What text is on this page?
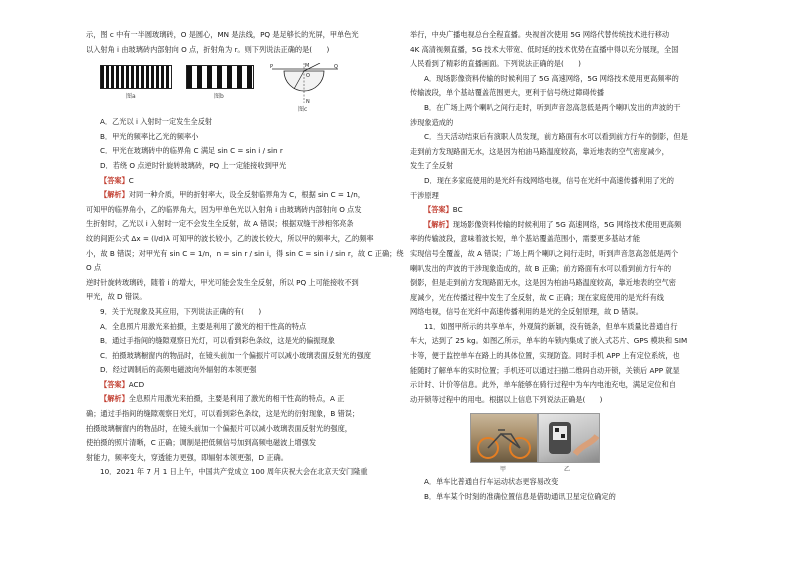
示，图 c 中有一半圆玻璃砖，O 是圆心，MN 是法线，PQ 是足够长的光屏，甲单色光

以入射角 i 由玻璃砖内部射向 O 点，折射角为 r。则下列说法正确的是(　　)

图a	图b
M
O
P	Q
N
图c

A．乙光以 i 入射时一定发生全反射

B．甲光的频率比乙光的频率小

C．甲光在玻璃砖中的临界角 C 满足 sin C = sin i / sin r

D．若绕 O 点逆时针旋转玻璃砖，PQ 上一定能接收到甲光

【答案】C

【解析】对同一种介质，甲的折射率大，设全反射临界角为 C，根据 sin C = 1/n，

可知甲的临界角小，乙的临界角大，因为甲单色光以入射角 i 由玻璃砖内部射向 O 点发

生折射时，乙光以 i 入射时一定不会发生全反射，故 A 错误；根据双缝干涉相邻亮条

纹的间距公式 Δx = (l/d)λ 可知甲的波长较小，乙的波长较大，所以甲的频率大，乙的频率

小，故 B 错误；对甲光有 sin C = 1/n，n = sin r / sin i，得 sin C = sin i / sin r，故 C 正确；绕 O 点

逆时针旋转玻璃砖，随着 i 的增大，甲光可能会发生全反射，所以 PQ 上可能接收不到

甲光，故 D 错误。

9．关于光现象及其应用，下列说法正确的有(　　)

A．全息照片用激光来拍摄，主要是利用了激光的相干性高的特点

B．通过手指间的缝隙观察日光灯，可以看到彩色条纹，这是光的偏振现象

C．拍摄玻璃橱窗内的物品时，在镜头前加一个偏振片可以减小玻璃表面反射光的强度

D．经过调制后的高频电磁波向外辐射的本领更强

【答案】ACD

【解析】全息照片用激光来拍摄，主要是利用了激光的相干性高的特点，A 正

确；通过手指间的缝隙观察日光灯，可以看到彩色条纹，这是光的衍射现象，B 错误；

拍摄玻璃橱窗内的物品时，在镜头前加一个偏振片可以减小玻璃表面反射光的强度，

使拍摄的照片清晰，C 正确；调制是把低频信号加到高频电磁波上增强发

射能力，频率变大，穿透能力更强，即辐射本领更强，D 正确。

10．2021 年 7 月 1 日上午，中国共产党成立 100 周年庆祝大会在北京天安门隆重

举行，中央广播电视总台全程直播。央视首次使用 5G 网络代替传统技术进行移动

4K 高清视频直播，5G 技术大带宽、低时延的技术优势在直播中得以充分展现，全国

人民看到了精彩的直播画面。下列说法正确的是(　　)

A．现场影像资料传输的时候利用了 5G 高速网络，5G 网络技术使用更高频率的

传输波段，单个基站覆盖范围更大，更利于信号绕过障碍传播

B．在广场上两个喇叭之间行走时，听到声音忽高忽低是两个喇叭发出的声波的干

涉现象造成的

C．当天活动结束后有演职人员发现，前方路面有水可以看到前方行车的倒影，但是

走到前方发现路面无水，这是因为柏油马路温度较高，靠近地表的空气密度减少，

发生了全反射

D．现在多家庭使用的是光纤有线网络电视，信号在光纤中高速传播利用了光的

干涉原理

【答案】BC

【解析】现场影像资料传输的时候利用了 5G 高速网络，5G 网络技术使用更高频

率的传输波段，意味着波长短，单个基站覆盖范围小，需要更多基站才能

实现信号全覆盖，故 A 错误；广场上两个喇叭之间行走时，听到声音忽高忽低是两个

喇叭发出的声波的干涉现象造成的，故 B 正确；前方路面有水可以看到前方行车的

倒影，但是走到前方发现路面无水，这是因为柏油马路温度较高，靠近地表的空气密

度减少，光在传播过程中发生了全反射，故 C 正确；现在家庭使用的是光纤有线

网络电视，信号在光纤中高速传播利用的是光的全反射原理，故 D 错误。

11．如图甲所示的共享单车，外观简约新颖，没有链条，但单车质量比普通自行

车大，达到了 25 kg。如图乙所示，单车的车锁内集成了嵌入式芯片、GPS 模块和 SIM

卡等，便于监控单车在路上的具体位置，实现防盗。同时手机 APP 上有定位系统，也

能随时了解单车的实时位置；手机还可以通过扫描二维码自动开锁，关锁后 APP 就显

示计时、计价等信息。此外，单车能够在骑行过程中为车内电池充电，满足定位和自

动开锁等过程中的用电。根据以上信息下列说法正确是(　　)

甲	乙

A．单车比普通自行车运动状态更容易改变

B．单车某个时刻的准确位置信息是借助通讯卫星定位确定的
